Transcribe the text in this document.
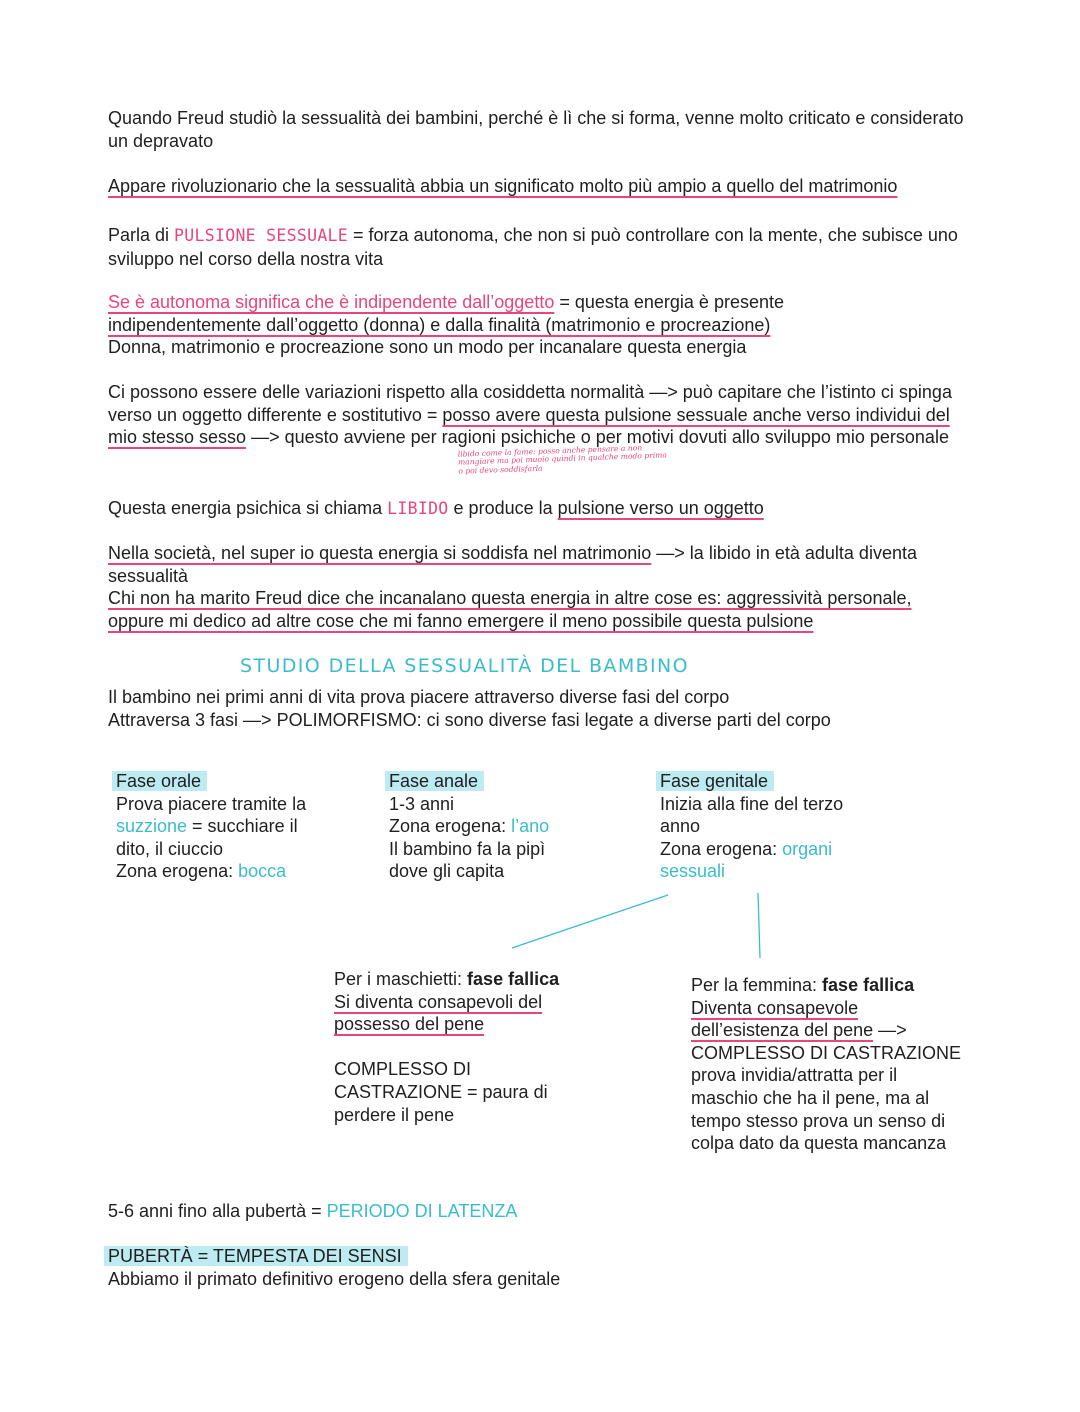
Quando Freud studiò la sessualità dei bambini, perché è lì che si forma, venne molto criticato e considerato un depravato
Appare rivoluzionario che la sessualità abbia un significato molto più ampio a quello del matrimonio
Parla di PULSIONE SESSUALE = forza autonoma, che non si può controllare con la mente, che subisce uno sviluppo nel corso della nostra vita
Se è autonoma significa che è indipendente dall’oggetto = questa energia è presente
indipendentemente dall’oggetto (donna) e dalla finalità (matrimonio e procreazione)
Donna, matrimonio e procreazione sono un modo per incanalare questa energia
Ci possono essere delle variazioni rispetto alla cosiddetta normalità —> può capitare che l’istinto ci spinga verso un oggetto differente e sostitutivo = posso avere questa pulsione sessuale anche verso individui del mio stesso sesso —> questo avviene per ragioni psichiche o per motivi dovuti allo sviluppo mio personale
libido come la fame: posso anche pensare a non mangiare ma poi muoio quindi in qualche modo prima o poi devo soddisfarla
Questa energia psichica si chiama LIBIDO e produce la pulsione verso un oggetto
Nella società, nel super io questa energia si soddisfa nel matrimonio —> la libido in età adulta diventa sessualità
Chi non ha marito Freud dice che incanalano questa energia in altre cose es: aggressività personale, oppure mi dedico ad altre cose che mi fanno emergere il meno possibile questa pulsione
STUDIO DELLA SESSUALITÀ DEL BAMBINO
Il bambino nei primi anni di vita prova piacere attraverso diverse fasi del corpo
Attraversa 3 fasi —> POLIMORFISMO: ci sono diverse fasi legate a diverse parti del corpo
Fase orale
Prova piacere tramite la
suzzione = succhiare il
dito, il ciuccio
Zona erogena: bocca
Fase anale
1-3 anni
Zona erogena: l’ano
Il bambino fa la pipì
dove gli capita
Fase genitale
Inizia alla fine del terzo
anno
Zona erogena: organi
sessuali
Per i maschietti: fase fallica
Si diventa consapevoli del
possesso del pene
COMPLESSO DI
CASTRAZIONE = paura di
perdere il pene
Per la femmina: fase fallica
Diventa consapevole
dell’esistenza del pene —>
COMPLESSO DI CASTRAZIONE
prova invidia/attratta per il
maschio che ha il pene, ma al
tempo stesso prova un senso di
colpa dato da questa mancanza
5-6 anni fino alla pubertà = PERIODO DI LATENZA
PUBERTÀ = TEMPESTA DEI SENSI
Abbiamo il primato definitivo erogeno della sfera genitale
